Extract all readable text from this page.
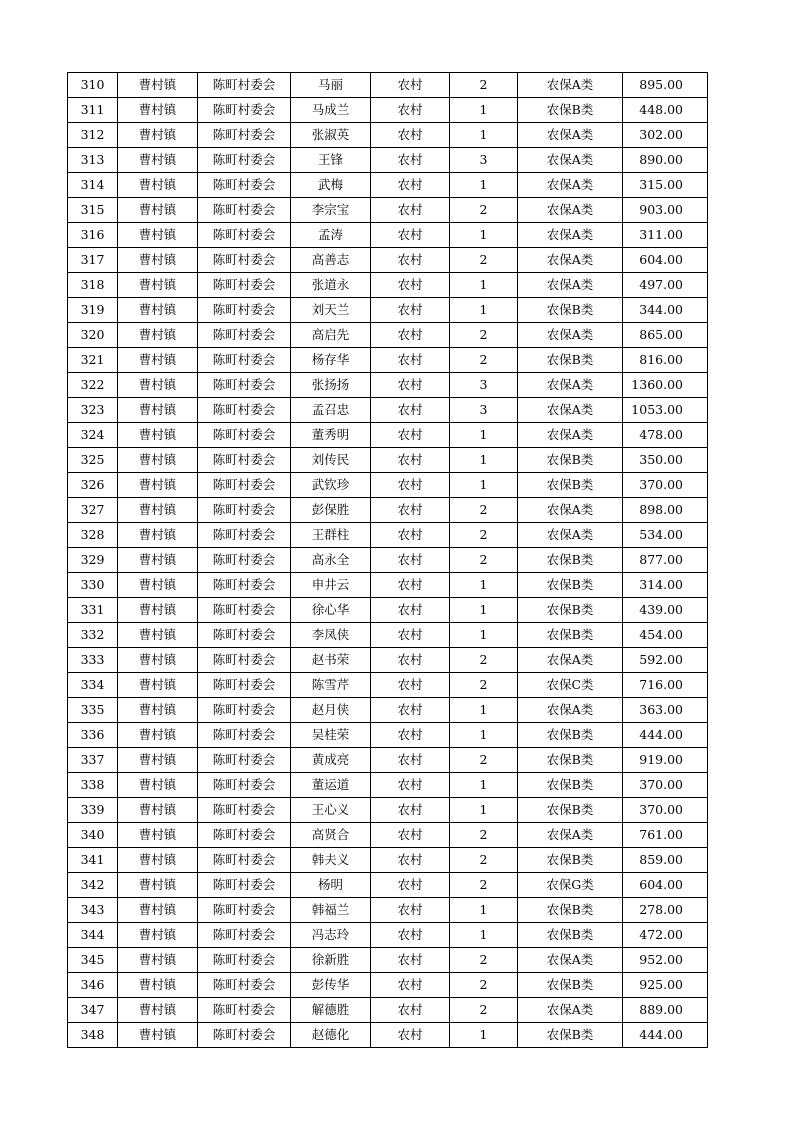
310	曹村镇	陈町村委会	马丽	农村	2	农保A类	895.00
311	曹村镇	陈町村委会	马成兰	农村	1	农保B类	448.00
312	曹村镇	陈町村委会	张淑英	农村	1	农保A类	302.00
313	曹村镇	陈町村委会	王锋	农村	3	农保A类	890.00
314	曹村镇	陈町村委会	武梅	农村	1	农保A类	315.00
315	曹村镇	陈町村委会	李宗宝	农村	2	农保A类	903.00
316	曹村镇	陈町村委会	孟涛	农村	1	农保A类	311.00
317	曹村镇	陈町村委会	高善志	农村	2	农保A类	604.00
318	曹村镇	陈町村委会	张道永	农村	1	农保A类	497.00
319	曹村镇	陈町村委会	刘天兰	农村	1	农保B类	344.00
320	曹村镇	陈町村委会	高启先	农村	2	农保A类	865.00
321	曹村镇	陈町村委会	杨存华	农村	2	农保B类	816.00
322	曹村镇	陈町村委会	张扬扬	农村	3	农保A类	1360.00
323	曹村镇	陈町村委会	孟召忠	农村	3	农保A类	1053.00
324	曹村镇	陈町村委会	董秀明	农村	1	农保A类	478.00
325	曹村镇	陈町村委会	刘传民	农村	1	农保B类	350.00
326	曹村镇	陈町村委会	武钦珍	农村	1	农保B类	370.00
327	曹村镇	陈町村委会	彭保胜	农村	2	农保A类	898.00
328	曹村镇	陈町村委会	王群柱	农村	2	农保A类	534.00
329	曹村镇	陈町村委会	高永全	农村	2	农保B类	877.00
330	曹村镇	陈町村委会	申井云	农村	1	农保B类	314.00
331	曹村镇	陈町村委会	徐心华	农村	1	农保B类	439.00
332	曹村镇	陈町村委会	李凤侠	农村	1	农保B类	454.00
333	曹村镇	陈町村委会	赵书荣	农村	2	农保A类	592.00
334	曹村镇	陈町村委会	陈雪芹	农村	2	农保C类	716.00
335	曹村镇	陈町村委会	赵月侠	农村	1	农保A类	363.00
336	曹村镇	陈町村委会	吴桂荣	农村	1	农保B类	444.00
337	曹村镇	陈町村委会	黄成亮	农村	2	农保B类	919.00
338	曹村镇	陈町村委会	董运道	农村	1	农保B类	370.00
339	曹村镇	陈町村委会	王心义	农村	1	农保B类	370.00
340	曹村镇	陈町村委会	高贤合	农村	2	农保A类	761.00
341	曹村镇	陈町村委会	韩夫义	农村	2	农保B类	859.00
342	曹村镇	陈町村委会	杨明	农村	2	农保G类	604.00
343	曹村镇	陈町村委会	韩福兰	农村	1	农保B类	278.00
344	曹村镇	陈町村委会	冯志玲	农村	1	农保B类	472.00
345	曹村镇	陈町村委会	徐新胜	农村	2	农保A类	952.00
346	曹村镇	陈町村委会	彭传华	农村	2	农保B类	925.00
347	曹村镇	陈町村委会	解德胜	农村	2	农保A类	889.00
348	曹村镇	陈町村委会	赵德化	农村	1	农保B类	444.00
